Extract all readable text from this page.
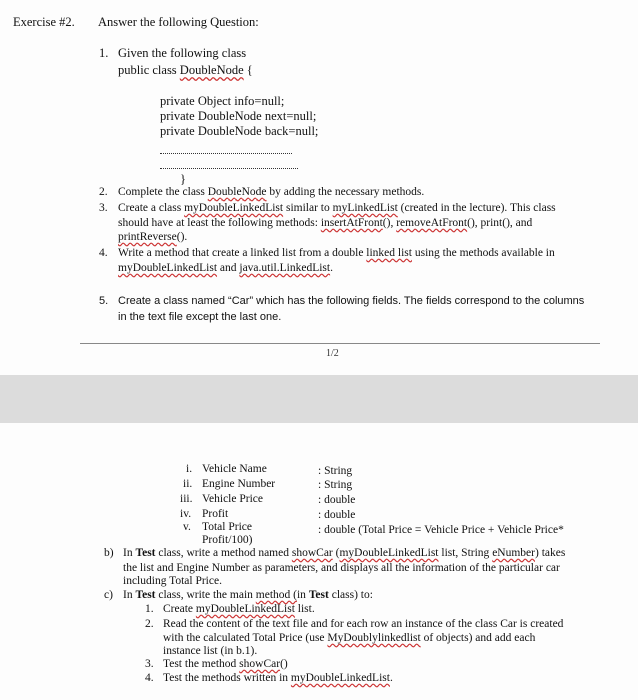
Exercise #2. Answer the following Question:
1. Given the following class
public class DoubleNode {
private Object info=null;
private DoubleNode next=null;
private DoubleNode back=null;
}
2. Complete the class DoubleNode by adding the necessary methods.
3. Create a class myDoubleLinkedList similar to myLinkedList (created in the lecture). This class
should have at least the following methods: insertAtFront(), removeAtFront(), print(), and
printReverse().
4. Write a method that create a linked list from a double linked list using the methods available in
myDoubleLinkedList and java.util.LinkedList.
5. Create a class named “Car” which has the following fields. The fields correspond to the columns
in the text file except the last one.
1/2
i. Vehicle Name	: String
ii. Engine Number	: String
iii. Vehicle Price	: double
iv. Profit	: double
v. Total Price	: double (Total Price = Vehicle Price + Vehicle Price*
Profit/100)
b) In Test class, write a method named showCar (myDoubleLinkedList list, String eNumber) takes
the list and Engine Number as parameters, and displays all the information of the particular car
including Total Price.
c) In Test class, write the main method (in Test class) to:
1. Create myDoubleLinkedList list.
2. Read the content of the text file and for each row an instance of the class Car is created
with the calculated Total Price (use MyDoublylinkedlist of objects) and add each
instance list (in b.1).
3. Test the method showCar()
4. Test the methods written in myDoubleLinkedList.
